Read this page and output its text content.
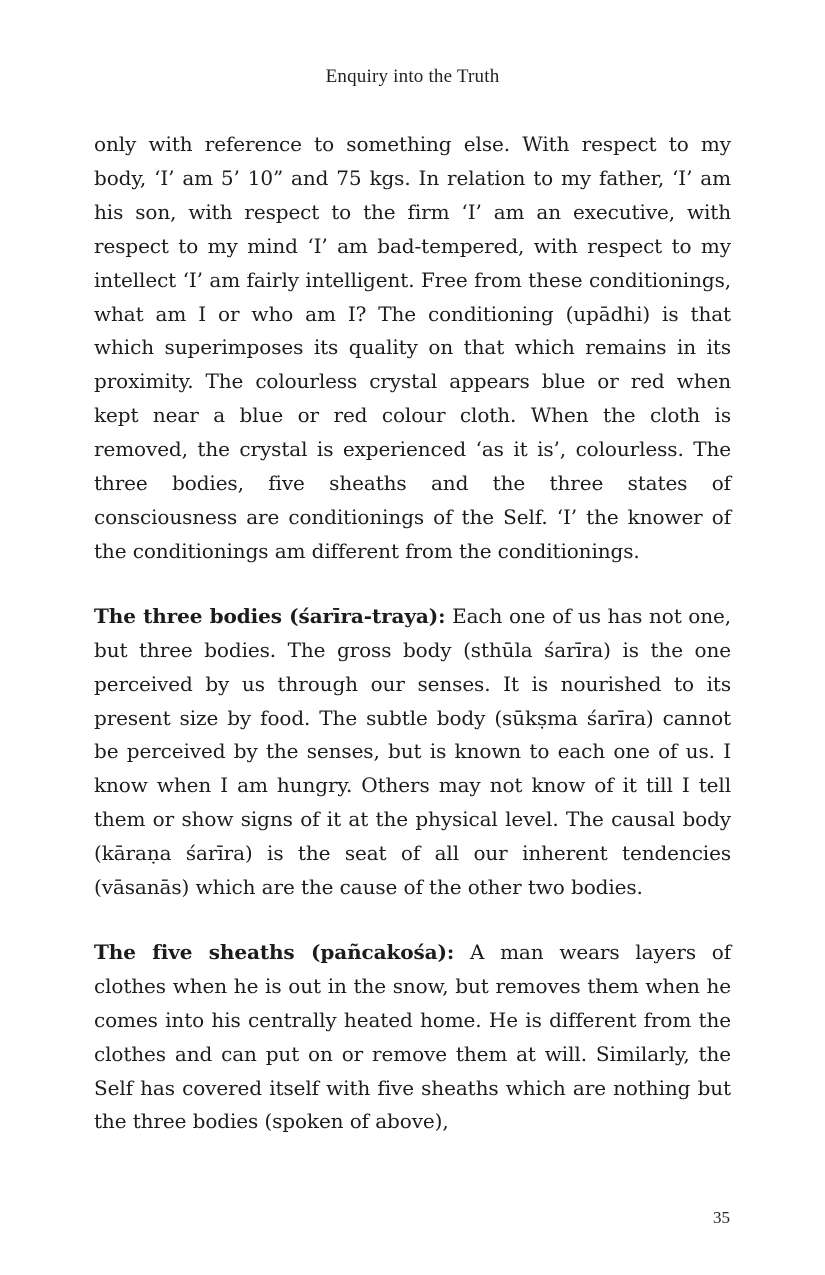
Enquiry into the Truth

only with reference to something else. With respect to my body, ‘I’ am 5’ 10” and 75 kgs. In relation to my father, ‘I’ am his son, with respect to the firm ‘I’ am an executive, with respect to my mind ‘I’ am bad-tempered, with respect to my intellect ‘I’ am fairly intelligent. Free from these conditionings, what am I or who am I? The conditioning (upādhi) is that which superimposes its quality on that which remains in its proximity. The colourless crystal appears blue or red when kept near a blue or red colour cloth. When the cloth is removed, the crystal is experienced ‘as it is’, colourless. The three bodies, five sheaths and the three states of consciousness are conditionings of the Self. ‘I’ the knower of the conditionings am different from the conditionings.

The three bodies (śarīra-traya): Each one of us has not one, but three bodies. The gross body (sthūla śarīra) is the one perceived by us through our senses. It is nourished to its present size by food. The subtle body (sūkṣma śarīra) cannot be perceived by the senses, but is known to each one of us. I know when I am hungry. Others may not know of it till I tell them or show signs of it at the physical level. The causal body (kāraṇa śarīra) is the seat of all our inherent tendencies (vāsanās) which are the cause of the other two bodies.

The five sheaths (pañcakośa): A man wears layers of clothes when he is out in the snow, but removes them when he comes into his centrally heated home. He is different from the clothes and can put on or remove them at will. Similarly, the Self has covered itself with five sheaths which are nothing but the three bodies (spoken of above),

35
